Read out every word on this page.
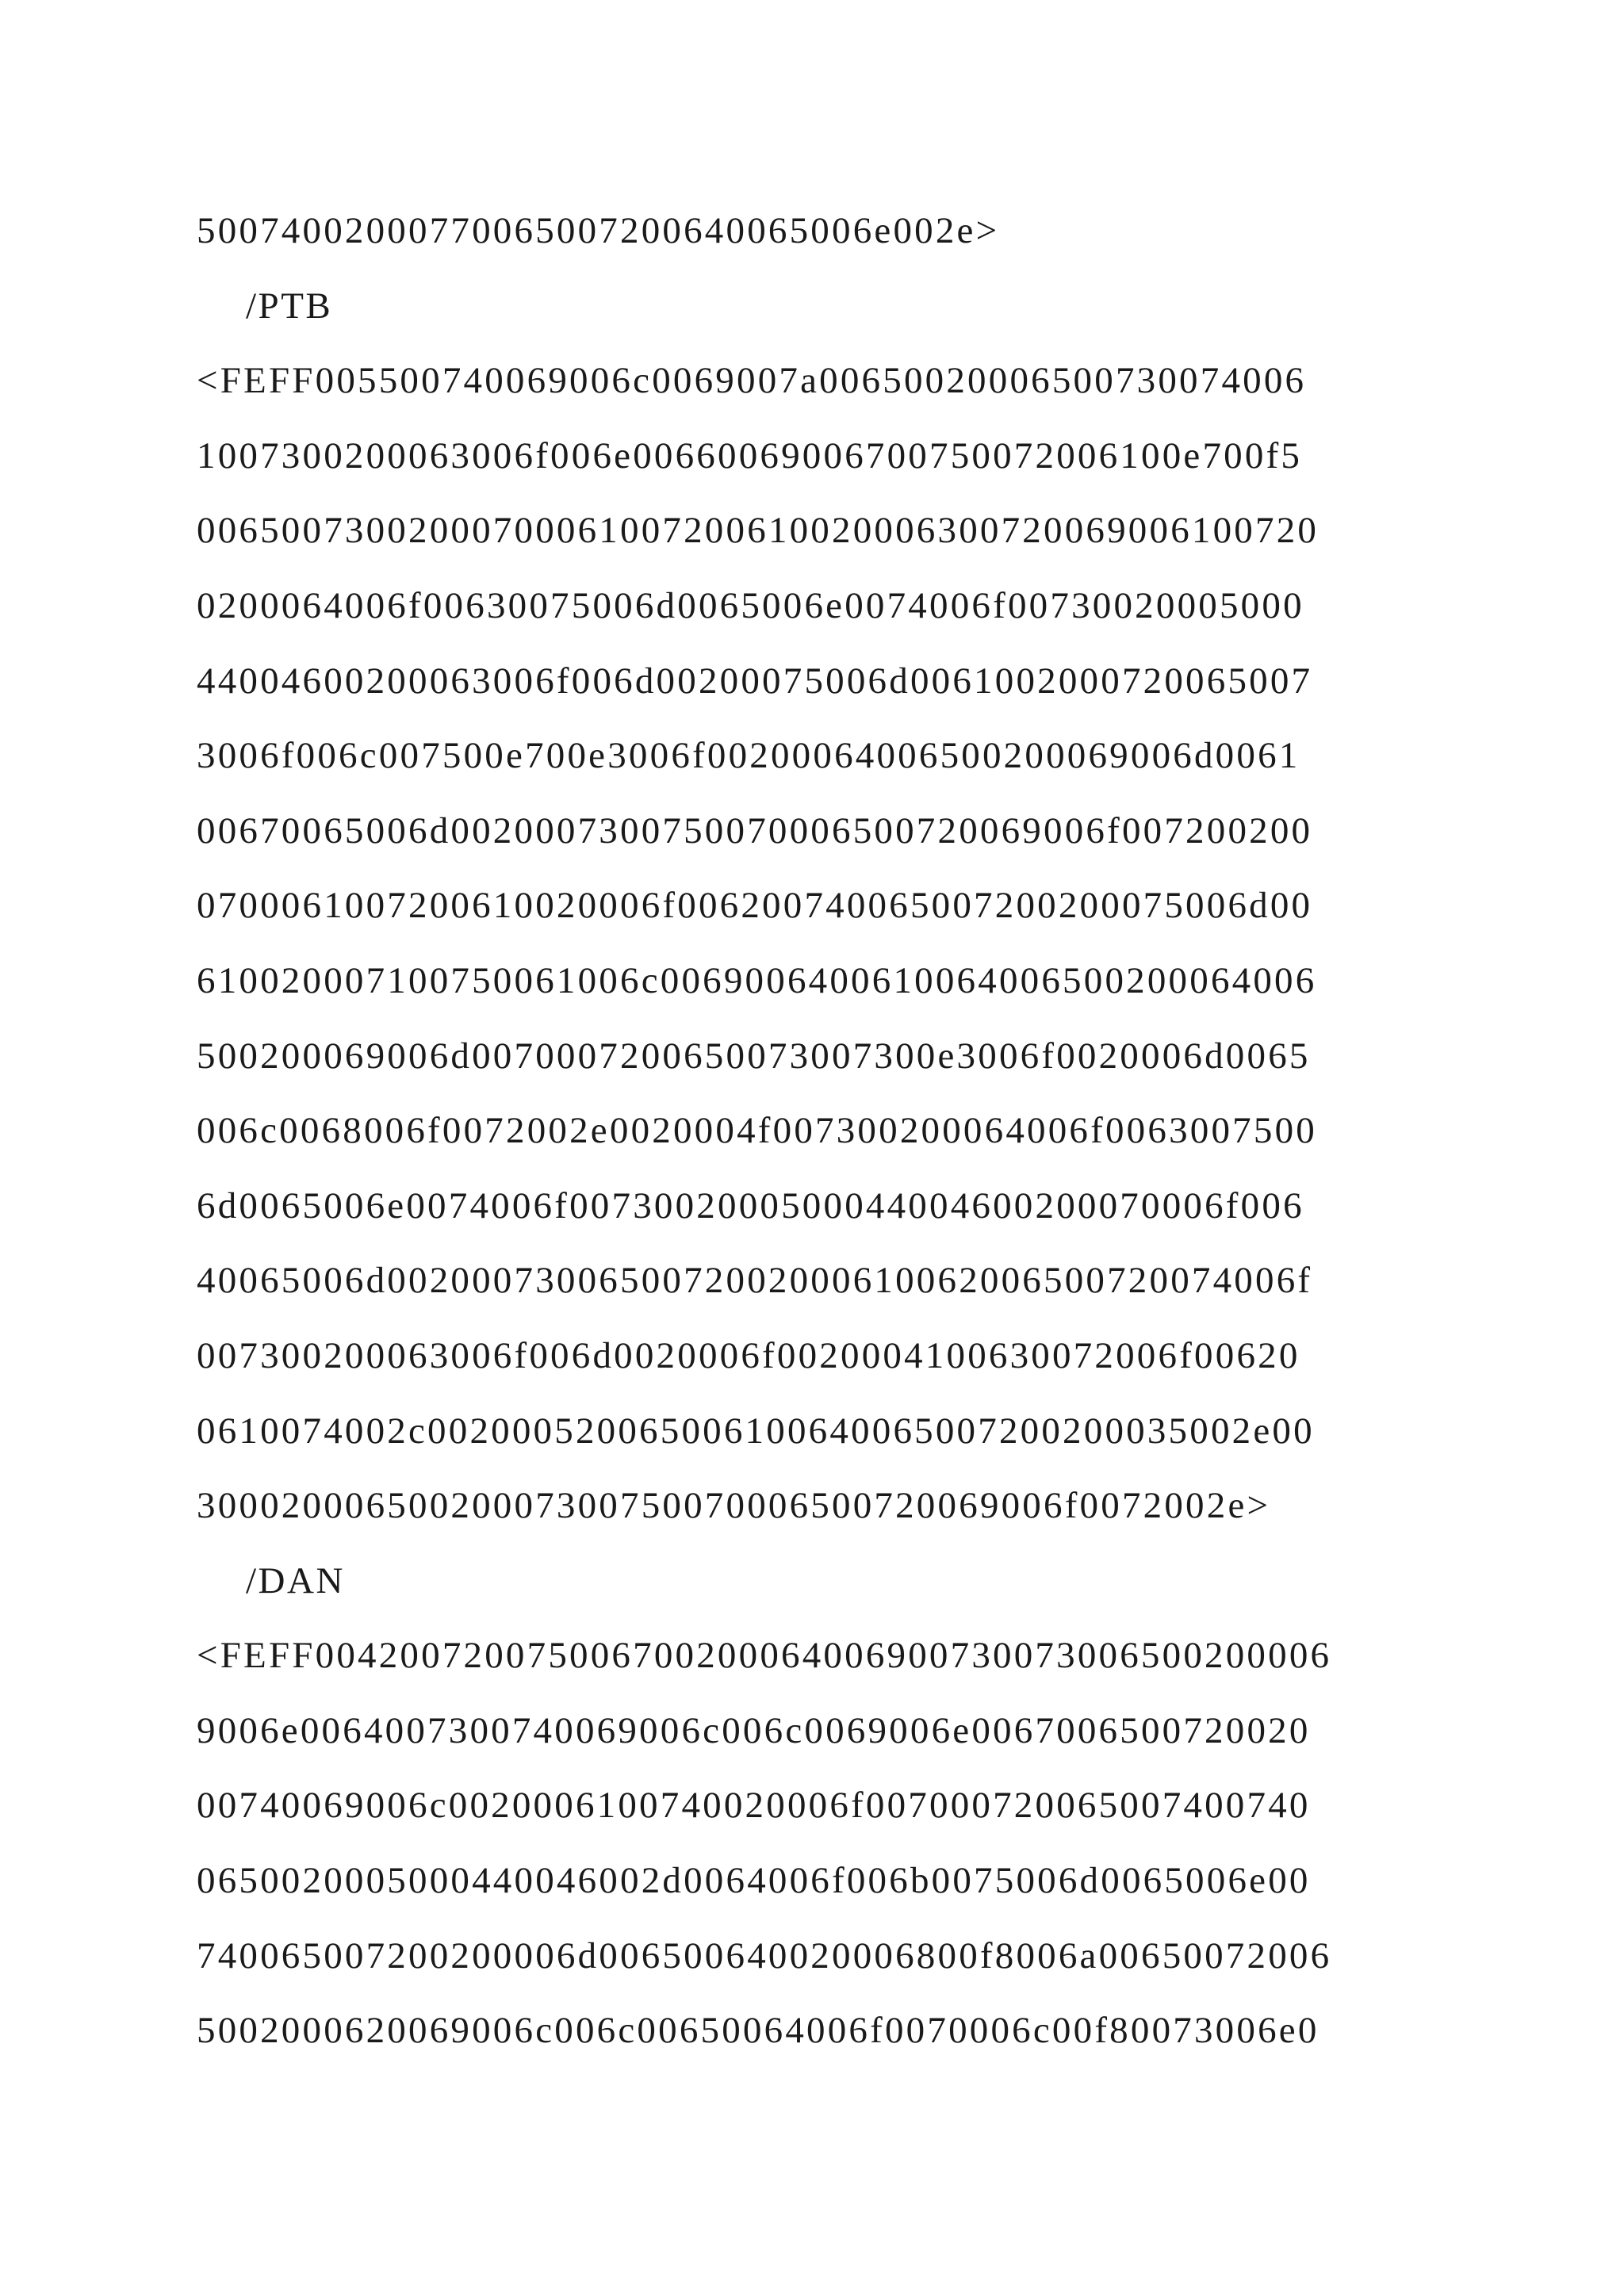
50074002000770065007200640065006e002e>
/PTB
<FEFF005500740069006c0069007a00650020006500730074006
1007300200063006f006e00660069006700750072006100e700f5
00650073002000700061007200610020006300720069006100720
0200064006f00630075006d0065006e0074006f00730020005000
44004600200063006f006d00200075006d0061002000720065007
3006f006c007500e700e3006f00200064006500200069006d0061
00670065006d0020007300750070006500720069006f007200200
0700061007200610020006f006200740065007200200075006d00
610020007100750061006c0069006400610064006500200064006
500200069006d0070007200650073007300e3006f0020006d0065
006c0068006f0072002e0020004f007300200064006f0063007500
6d0065006e0074006f0073002000500044004600200070006f006
40065006d0020007300650072002000610062006500720074006f
007300200063006f006d0020006f0020004100630072006f00620
0610074002c002000520065006100640065007200200035002e00
30002000650020007300750070006500720069006f0072002e>
/DAN
<FEFF004200720075006700200064006900730073006500200006
9006e0064007300740069006c006c0069006e0067006500720020
00740069006c0020006100740020006f007000720065007400740
0650020005000440046002d0064006f006b0075006d0065006e00
740065007200200006d006500640020006800f8006a00650072006
5002000620069006c006c00650064006f0070006c00f80073006e0
